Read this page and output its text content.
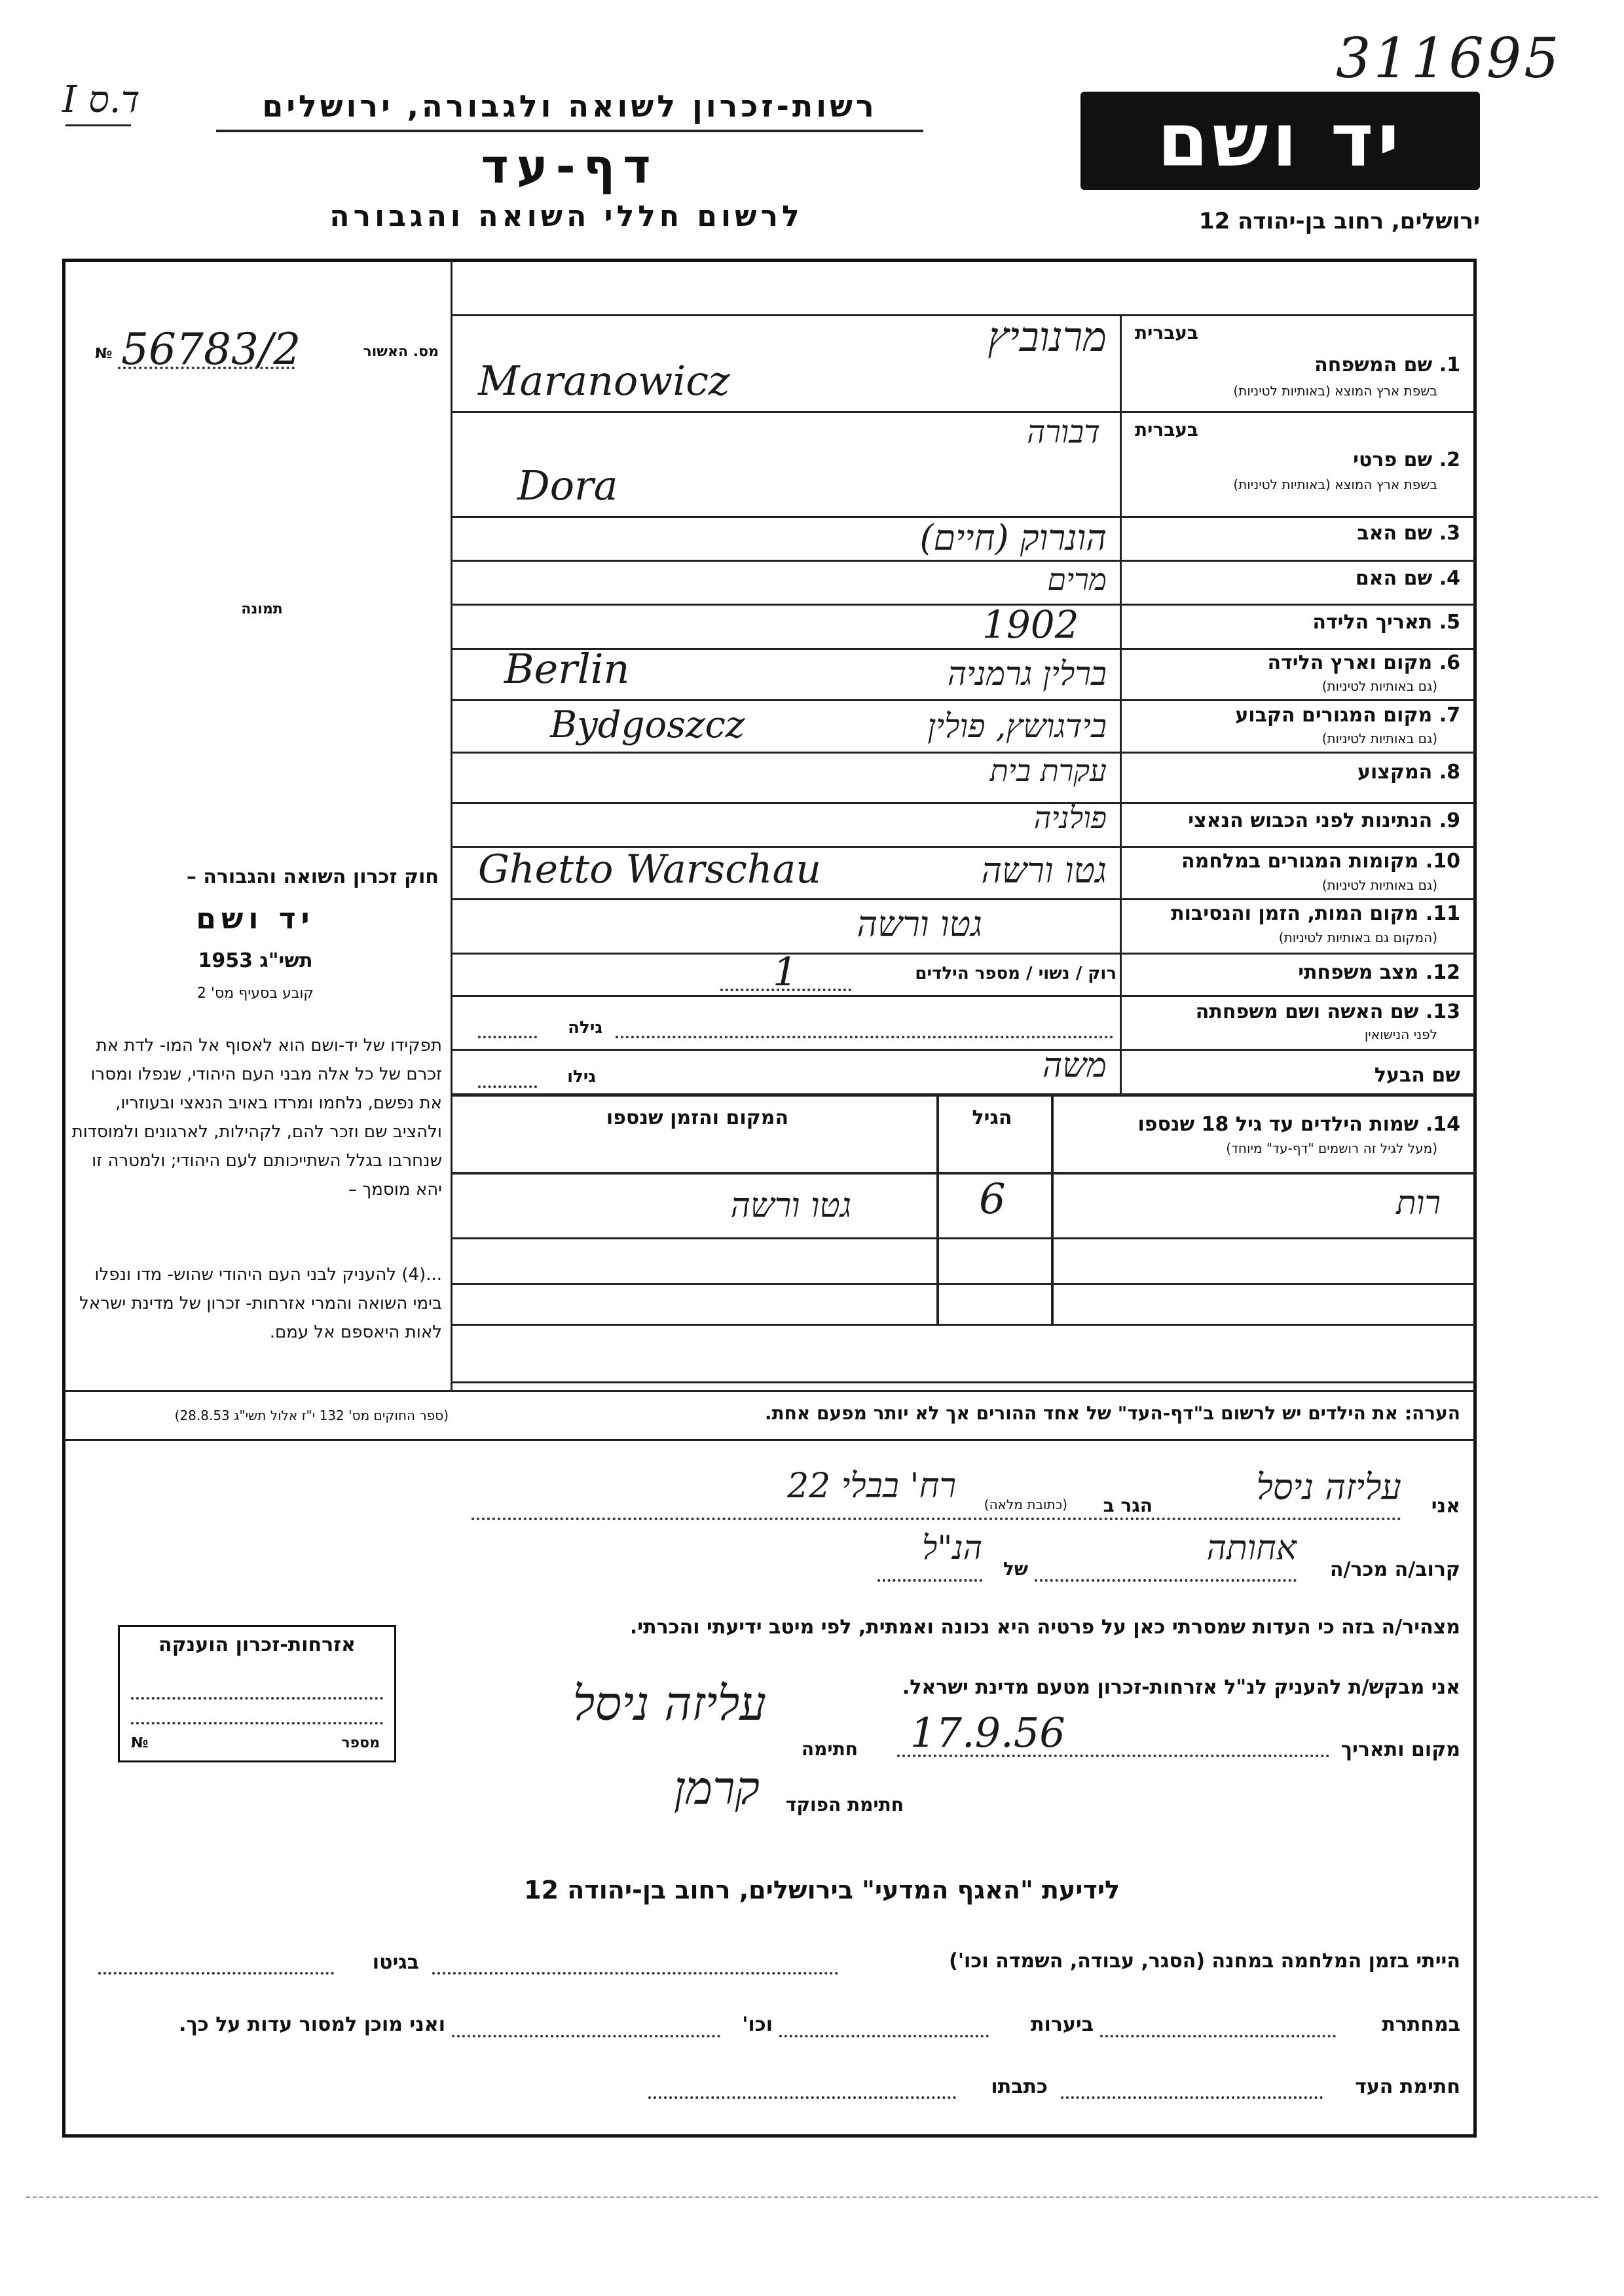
311695
I ד.ס	רשות-זכרון לשואה ולגבורה, ירושלים
דף-עד
לרשום חללי השואה והגבורה
יד ושם
ירושלים, רחוב בן-יהודה 12
מס. האשור
56783/2
№
תמונה
בעברית
בעברית
1. שם המשפחה
בשפת ארץ המוצא (באותיות לטיניות)
מרנוביץ
Maranowicz
2. שם פרטי
בשפת ארץ המוצא (באותיות לטיניות)
דבורה
Dora
3. שם האב
הונרוק (חיים)
4. שם האם
מרים
5. תאריך הלידה
1902
6. מקום וארץ הלידה
(גם באותיות לטיניות)
ברלין גרמניה
Berlin
7. מקום המגורים הקבוע
(גם באותיות לטיניות)
בידגושץ, פולין
Bydgoszcz
8. המקצוע
עקרת בית
9. הנתינות לפני הכבוש הנאצי
פולניה
10. מקומות המגורים במלחמה
(גם באותיות לטיניות)
גטו ורשה
Ghetto Warschau
11. מקום המות, הזמן והנסיבות
(המקום גם באותיות לטיניות)
גטו ורשה
12. מצב משפחתי
רוק / נשוי / מספר הילדים
1
13. שם האשה ושם משפחתה
לפני הנישואין
גילה
שם הבעל
משה
גילו
14. שמות הילדים עד גיל 18 שנספו
(מעל לגיל זה רושמים "דף-עד" מיוחד)
הגיל
המקום והזמן שנספו
רות
6
גטו ורשה
חוק זכרון השואה והגבורה –
יד ושם
תשי"ג 1953
קובע בסעיף מס' 2
תפקידו של יד-ושם הוא לאסוף אל המו- לדת את זכרם של כל אלה מבני העם היהודי, שנפלו ומסרו את נפשם, נלחמו ומרדו באויב הנאצי ובעוזריו, ולהציב שם וזכר להם, לקהילות, לארגונים ולמוסדות שנחרבו בגלל השתייכותם לעם היהודי; ולמטרה זו יהא מוסמך –
...(4) להעניק לבני העם היהודי שהוש- מדו ונפלו בימי השואה והמרי אזרחות- זכרון של מדינת ישראל לאות היאספם אל עמם.
(ספר החוקים מס' 132 י"ז אלול תשי"ג 28.8.53)	הערה: את הילדים יש לרשום ב"דף-העד" של אחד ההורים אך לא יותר מפעם אחת.
אני
עליזה ניסל
הגר ב
(כתובת מלאה)
רח' בבלי 22
קרוב/ה מכר/ה
אחותה
של
הנ"ל
מצהיר/ה בזה כי העדות שמסרתי כאן על פרטיה היא נכונה ואמתית, לפי מיטב ידיעתי והכרתי.
אני מבקש/ת להעניק לנ"ל אזרחות-זכרון מטעם מדינת ישראל.
מקום ותאריך
17.9.56
חתימה
עליזה ניסל
חתימת הפוקד
קרמן
אזרחות-זכרון הוענקה
מספר
№
לידיעת "האגף המדעי" בירושלים, רחוב בן-יהודה 12
הייתי בזמן המלחמה במחנה (הסגר, עבודה, השמדה וכו')
בגיטו
במחתרת
ביערות
וכו'
ואני מוכן למסור עדות על כך.
חתימת העד
כתבתו
